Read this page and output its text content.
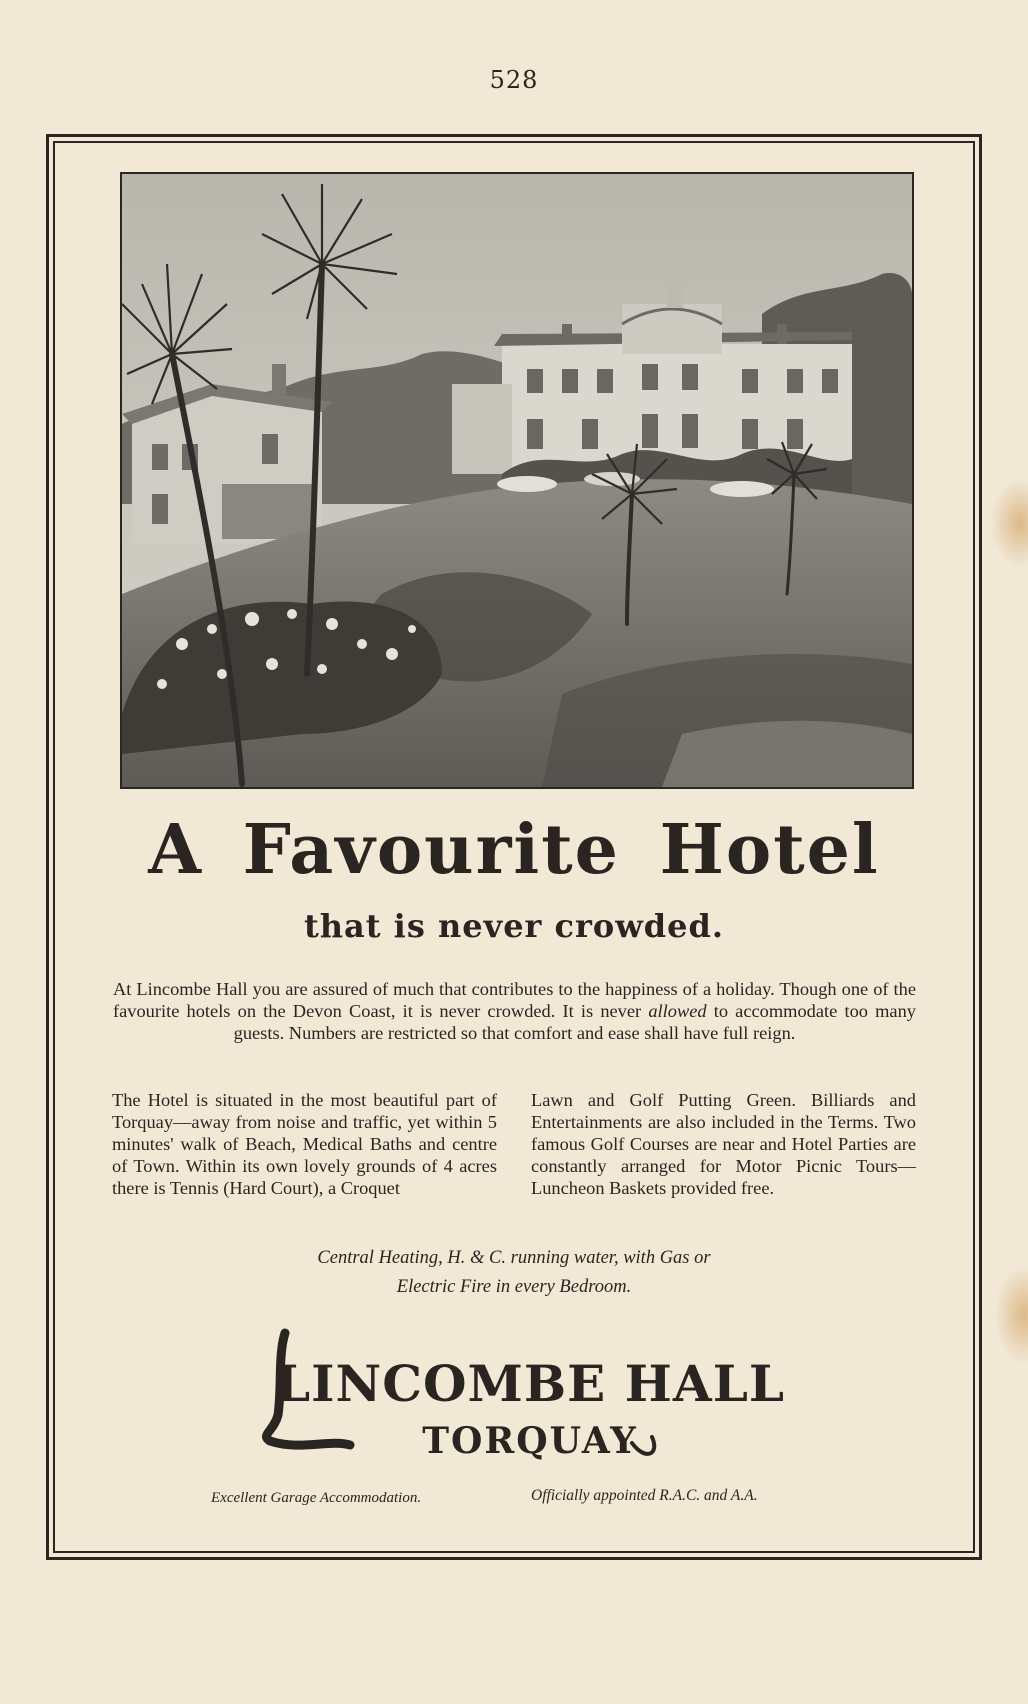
528
A Favourite Hotel
that is never crowded.
At Lincombe Hall you are assured of much that contributes to the happiness of a holiday. Though one of the favourite hotels on the Devon Coast, it is never crowded. It is never allowed to accommodate too many guests. Numbers are restricted so that comfort and ease shall have full reign.
The Hotel is situated in the most beautiful part of Torquay—away from noise and traffic, yet within 5 minutes' walk of Beach, Medical Baths and centre of Town. Within its own lovely grounds of 4 acres there is Tennis (Hard Court), a Croquet
Lawn and Golf Putting Green. Billiards and Entertainments are also included in the Terms. Two famous Golf Courses are near and Hotel Parties are constantly arranged for Motor Picnic Tours—Luncheon Baskets provided free.
Central Heating, H. & C. running water, with Gas or
Electric Fire in every Bedroom.
LINCOMBE HALL
TORQUAY
Excellent Garage Accommodation.	Officially appointed R.A.C. and A.A.
